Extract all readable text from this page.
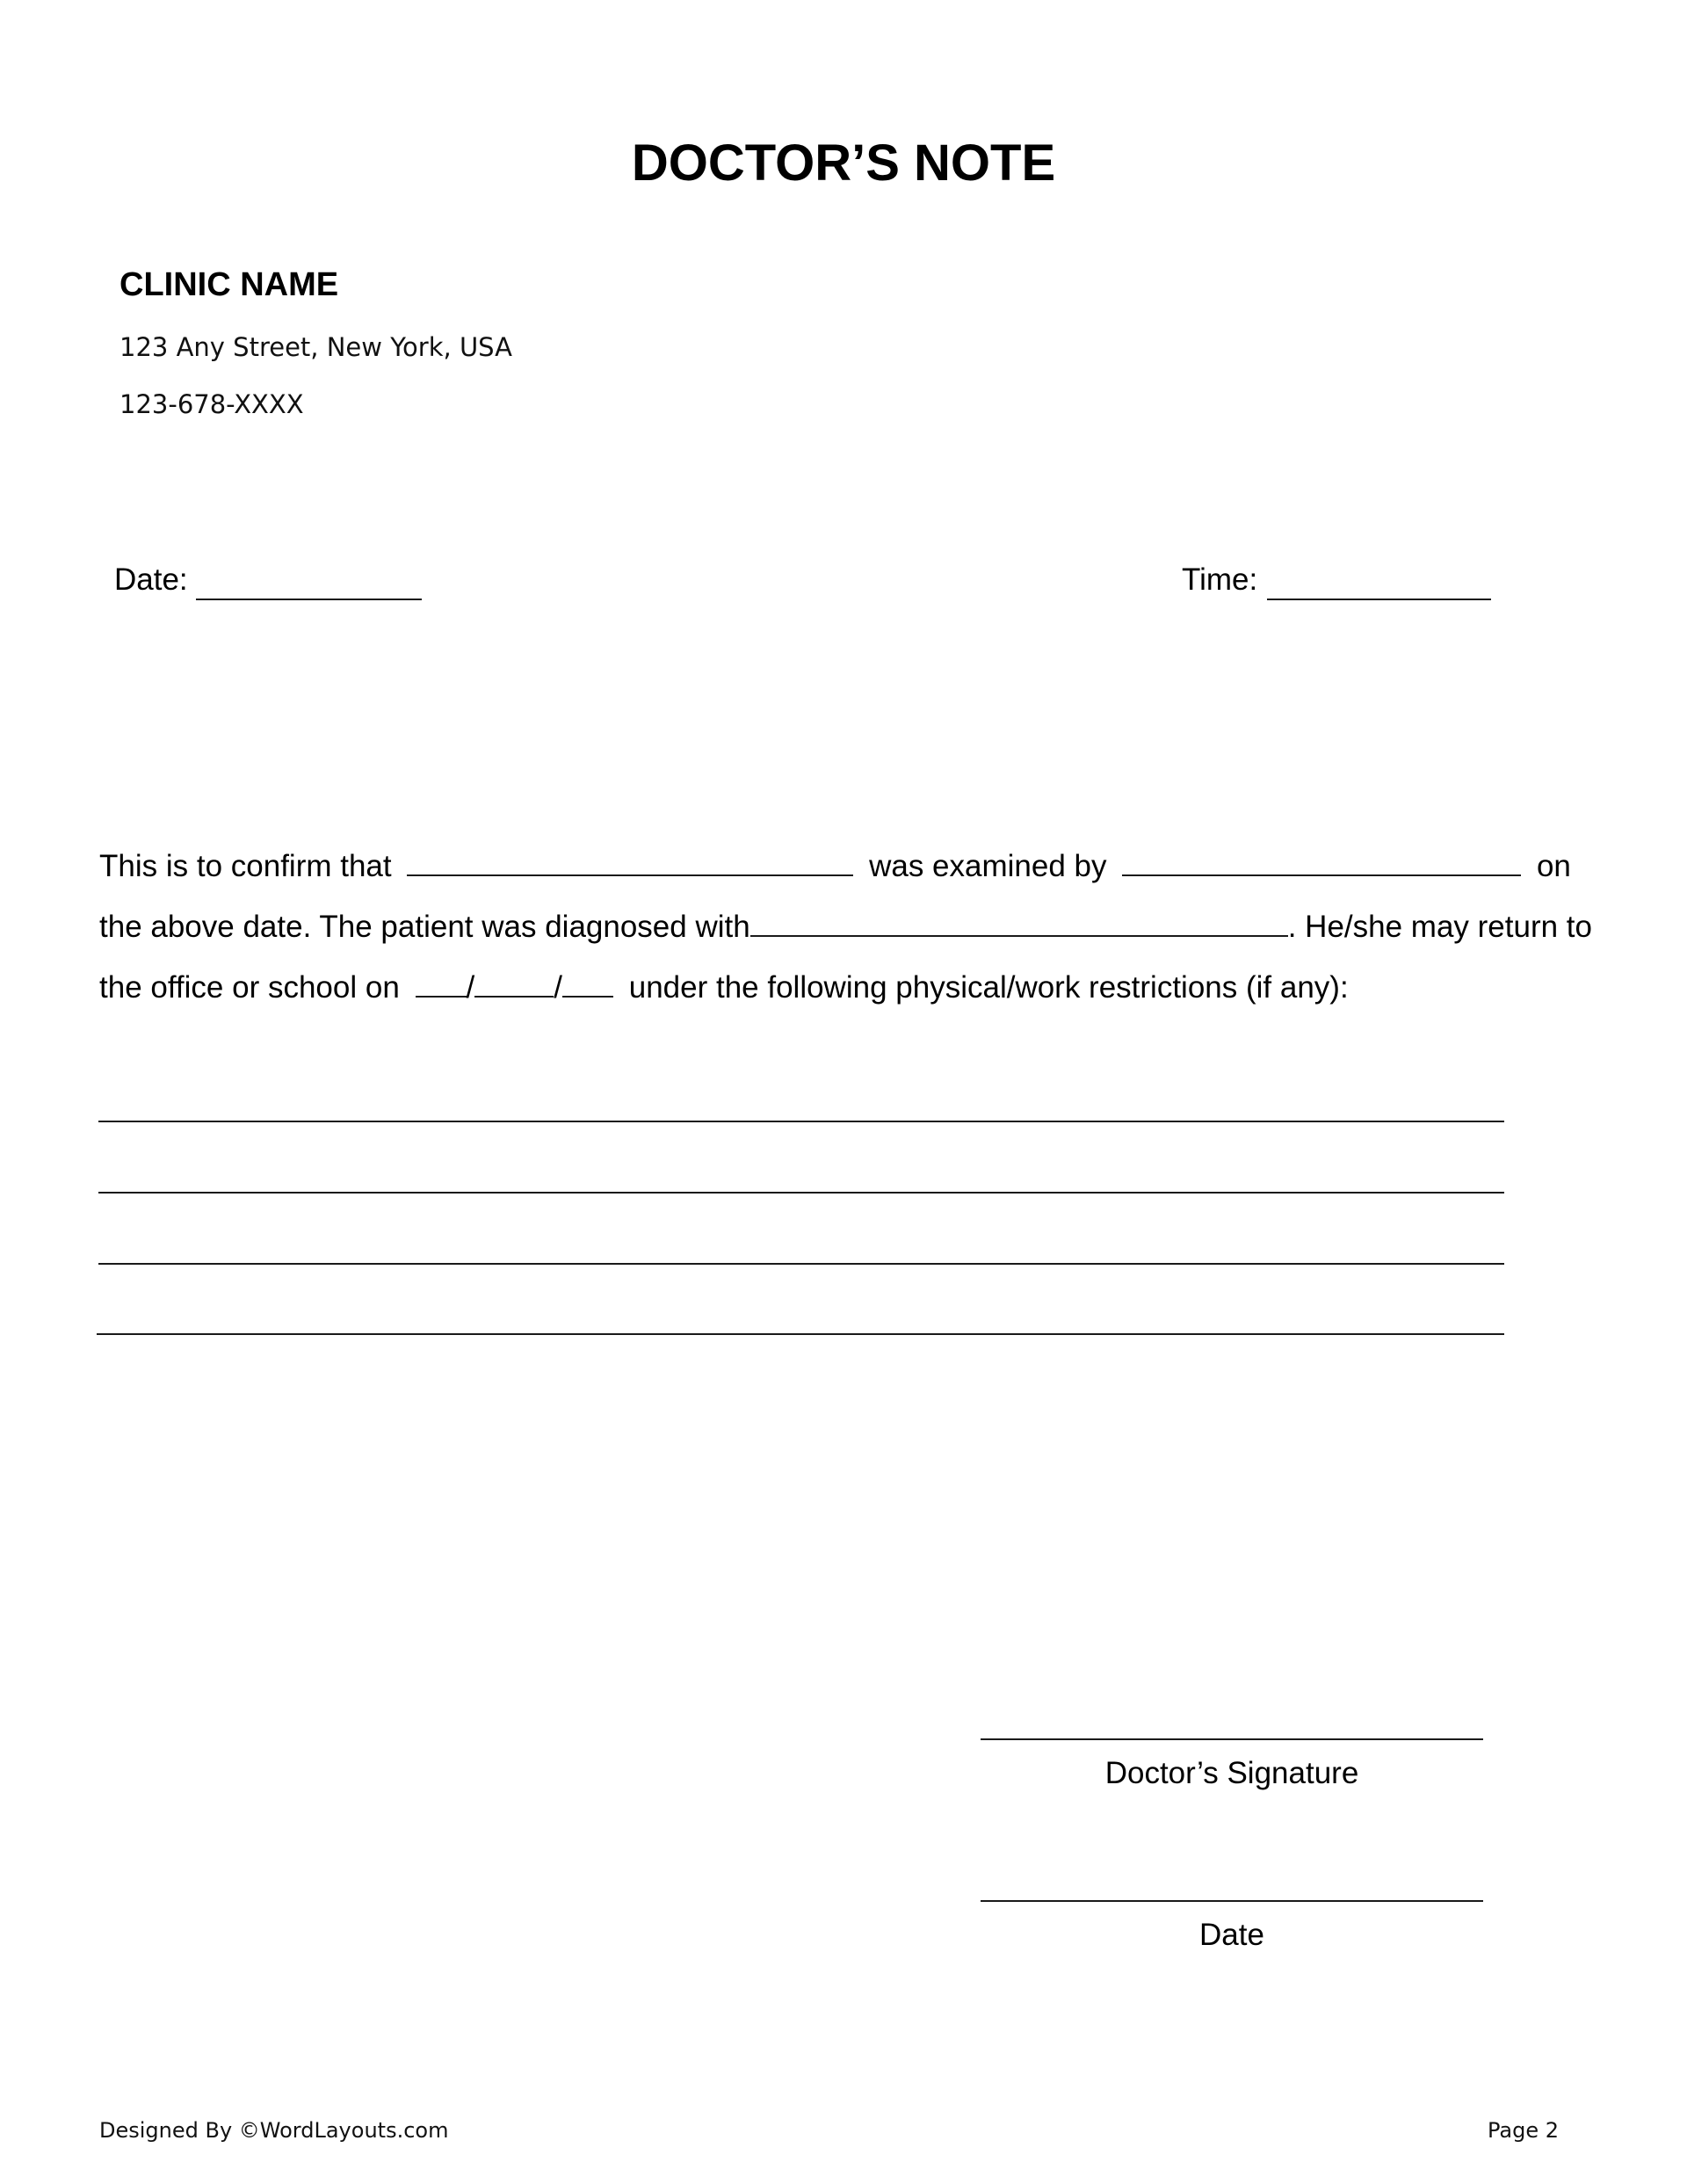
DOCTOR’S NOTE
CLINIC NAME
123 Any Street, New York, USA
123-678-XXXX
Date:	Time:
This is to confirm that	was examined by	on
the above date. The patient was diagnosed with	. He/she may return to
the office or school on /	/ under the following physical/work restrictions (if any):
Doctor’s Signature
Date
Designed By ©WordLayouts.com	Page 2
